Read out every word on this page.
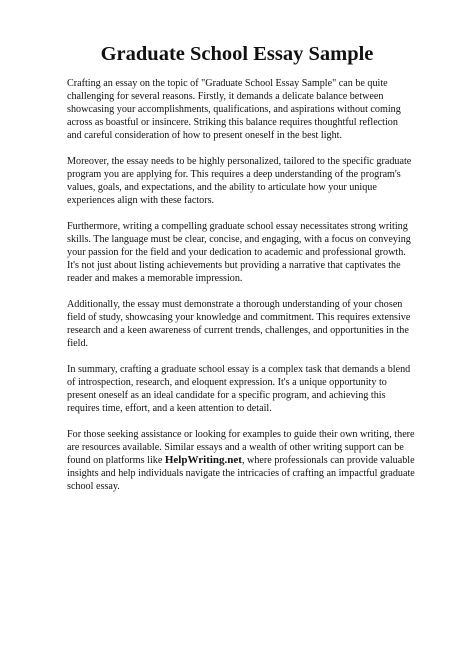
Graduate School Essay Sample

Crafting an essay on the topic of "Graduate School Essay Sample" can be quite challenging for several reasons. Firstly, it demands a delicate balance between showcasing your accomplishments, qualifications, and aspirations without coming across as boastful or insincere. Striking this balance requires thoughtful reflection and careful consideration of how to present oneself in the best light.

Moreover, the essay needs to be highly personalized, tailored to the specific graduate program you are applying for. This requires a deep understanding of the program's values, goals, and expectations, and the ability to articulate how your unique experiences align with these factors.

Furthermore, writing a compelling graduate school essay necessitates strong writing skills. The language must be clear, concise, and engaging, with a focus on conveying your passion for the field and your dedication to academic and professional growth. It's not just about listing achievements but providing a narrative that captivates the reader and makes a memorable impression.

Additionally, the essay must demonstrate a thorough understanding of your chosen field of study, showcasing your knowledge and commitment. This requires extensive research and a keen awareness of current trends, challenges, and opportunities in the field.

In summary, crafting a graduate school essay is a complex task that demands a blend of introspection, research, and eloquent expression. It's a unique opportunity to present oneself as an ideal candidate for a specific program, and achieving this requires time, effort, and a keen attention to detail.

For those seeking assistance or looking for examples to guide their own writing, there are resources available. Similar essays and a wealth of other writing support can be found on platforms like HelpWriting.net, where professionals can provide valuable insights and help individuals navigate the intricacies of crafting an impactful graduate school essay.
